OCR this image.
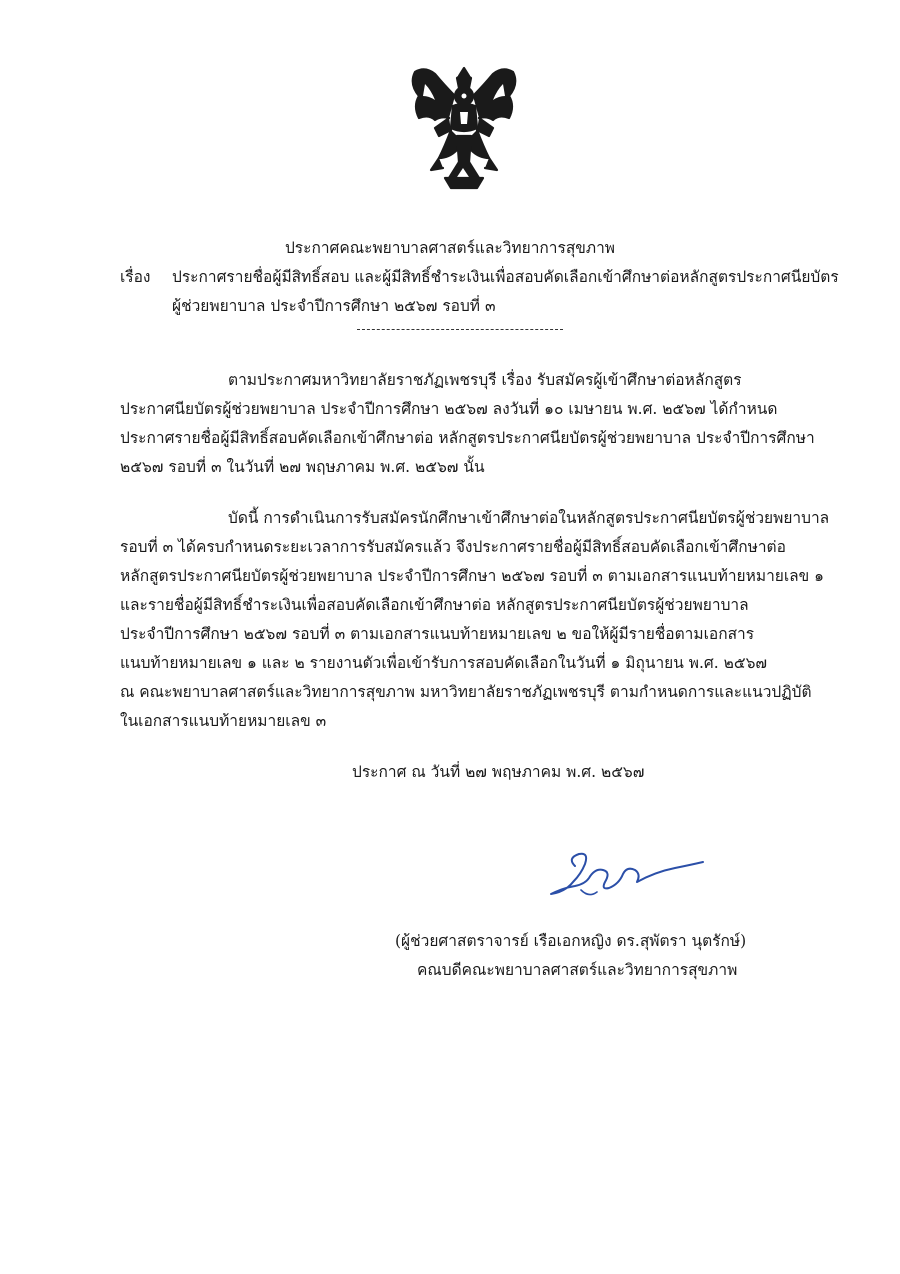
ประกาศคณะพยาบาลศาสตร์และวิทยาการสุขภาพ
เรื่อง ประกาศรายชื่อผู้มีสิทธิ์สอบ และผู้มีสิทธิ์ชำระเงินเพื่อสอบคัดเลือกเข้าศึกษาต่อหลักสูตรประกาศนียบัตร
ผู้ช่วยพยาบาล ประจำปีการศึกษา ๒๕๖๗ รอบที่ ๓
ตามประกาศมหาวิทยาลัยราชภัฏเพชรบุรี เรื่อง รับสมัครผู้เข้าศึกษาต่อหลักสูตร
ประกาศนียบัตรผู้ช่วยพยาบาล ประจำปีการศึกษา ๒๕๖๗ ลงวันที่ ๑๐ เมษายน พ.ศ. ๒๕๖๗ ได้กำหนด
ประกาศรายชื่อผู้มีสิทธิ์สอบคัดเลือกเข้าศึกษาต่อ หลักสูตรประกาศนียบัตรผู้ช่วยพยาบาล ประจำปีการศึกษา
๒๕๖๗ รอบที่ ๓ ในวันที่ ๒๗ พฤษภาคม พ.ศ. ๒๕๖๗ นั้น
บัดนี้ การดำเนินการรับสมัครนักศึกษาเข้าศึกษาต่อในหลักสูตรประกาศนียบัตรผู้ช่วยพยาบาล
รอบที่ ๓ ได้ครบกำหนดระยะเวลาการรับสมัครแล้ว จึงประกาศรายชื่อผู้มีสิทธิ์สอบคัดเลือกเข้าศึกษาต่อ
หลักสูตรประกาศนียบัตรผู้ช่วยพยาบาล ประจำปีการศึกษา ๒๕๖๗ รอบที่ ๓ ตามเอกสารแนบท้ายหมายเลข ๑
และรายชื่อผู้มีสิทธิ์ชำระเงินเพื่อสอบคัดเลือกเข้าศึกษาต่อ หลักสูตรประกาศนียบัตรผู้ช่วยพยาบาล
ประจำปีการศึกษา ๒๕๖๗ รอบที่ ๓ ตามเอกสารแนบท้ายหมายเลข ๒ ขอให้ผู้มีรายชื่อตามเอกสาร
แนบท้ายหมายเลข ๑ และ ๒ รายงานตัวเพื่อเข้ารับการสอบคัดเลือกในวันที่ ๑ มิถุนายน พ.ศ. ๒๕๖๗
ณ คณะพยาบาลศาสตร์และวิทยาการสุขภาพ มหาวิทยาลัยราชภัฏเพชรบุรี ตามกำหนดการและแนวปฏิบัติ
ในเอกสารแนบท้ายหมายเลข ๓
ประกาศ ณ วันที่ ๒๗ พฤษภาคม พ.ศ. ๒๕๖๗
(ผู้ช่วยศาสตราจารย์ เรือเอกหญิง ดร.สุพัตรา นุตรักษ์)
คณบดีคณะพยาบาลศาสตร์และวิทยาการสุขภาพ
